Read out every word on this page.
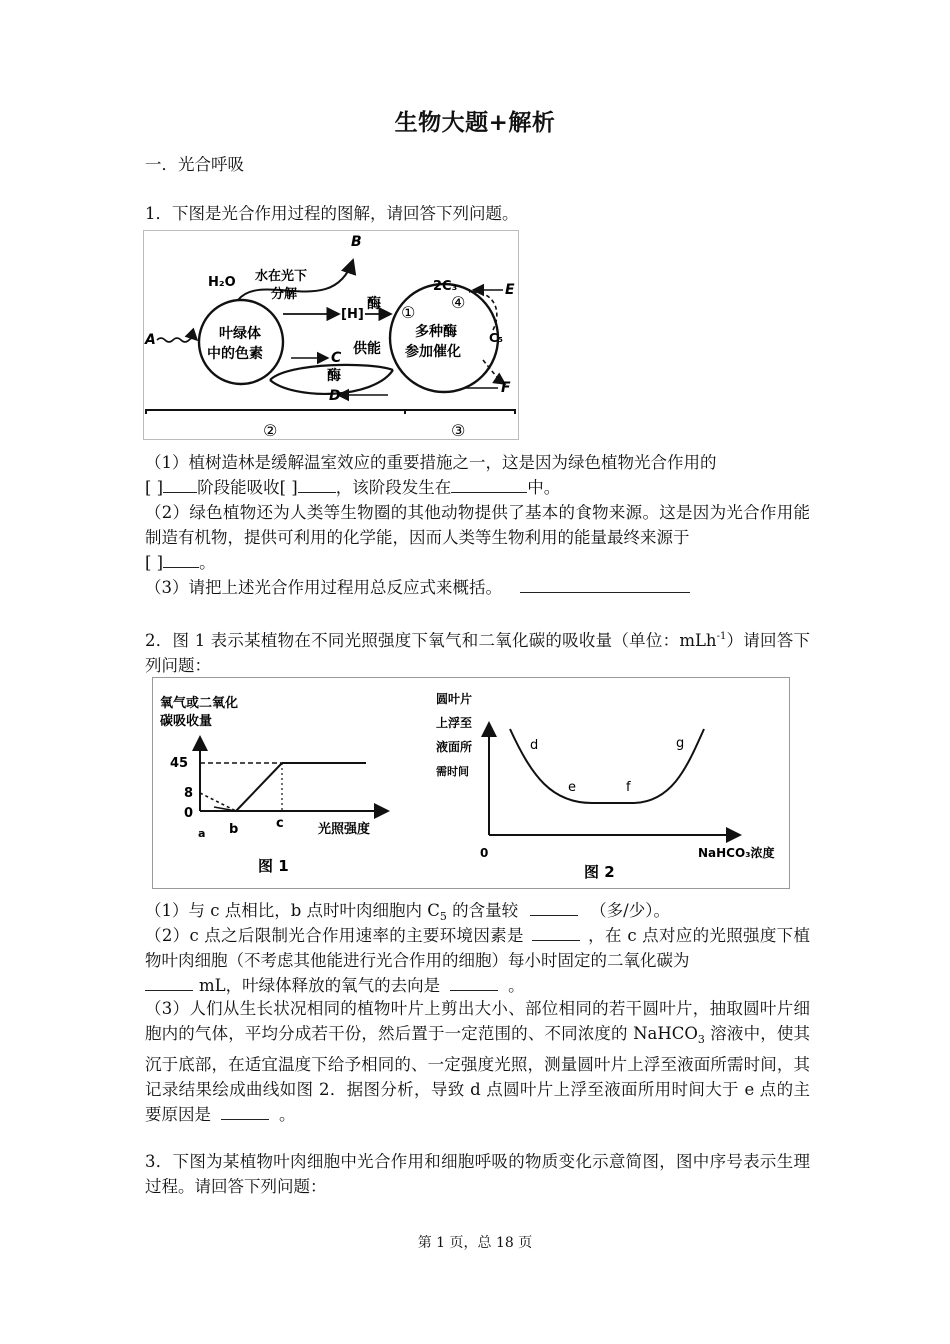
生物大题+解析
一．光合呼吸
1．下图是光合作用过程的图解，请回答下列问题。
H₂O 水在光下
分解
叶绿体
中的色素
多种酶
参加催化
[H]
酶
酶
供能
A
B
C
D
E
F
2C₃
C₅
①
②	③
④
（1）植树造林是缓解温室效应的重要措施之一，这是因为绿色植物光合作用的
[ ] 阶段能吸收[ ] ，该阶段发生在	中。
（2）绿色植物还为人类等生物圈的其他动物提供了基本的食物来源。这是因为光合作用能制造有机物，提供可利用的化学能，因而人类等生物利用的能量最终来源于
[ ] 。
（3）请把上述光合作用过程用总反应式来概括。
2．图 1 表示某植物在不同光照强度下氧气和二氧化碳的吸收量（单位：mLh$^{-1}$）请回答下列问题：
氧气或二氧化
碳吸收量
45
8
0
a b	c	光照强度
图 1
圆叶片
上浮至
液面所
需时间
0
d
e	f
g
NaHCO₃浓度
图 2
（1）与 c 点相比，b 点时叶肉细胞内 $C_5$ 的含量较	（多/少）。
（2）c 点之后限制光合作用速率的主要环境因素是	，在 c 点对应的光照强度下植物叶肉细胞（不考虑其他能进行光合作用的细胞）每小时固定的二氧化碳为
mL，叶绿体释放的氧气的去向是	。
（3）人们从生长状况相同的植物叶片上剪出大小、部位相同的若干圆叶片，抽取圆叶片细胞内的气体，平均分成若干份，然后置于一定范围的、不同浓度的 NaHCO$_3$ 溶液中，使其沉于底部，在适宜温度下给予相同的、一定强度光照，测量圆叶片上浮至液面所需时间，其记录结果绘成曲线如图 2．据图分析，导致 d 点圆叶片上浮至液面所用时间大于 e 点的主要原因是	。
3．下图为某植物叶肉细胞中光合作用和细胞呼吸的物质变化示意简图，图中序号表示生理过程。请回答下列问题：
第 1 页，总 18 页
